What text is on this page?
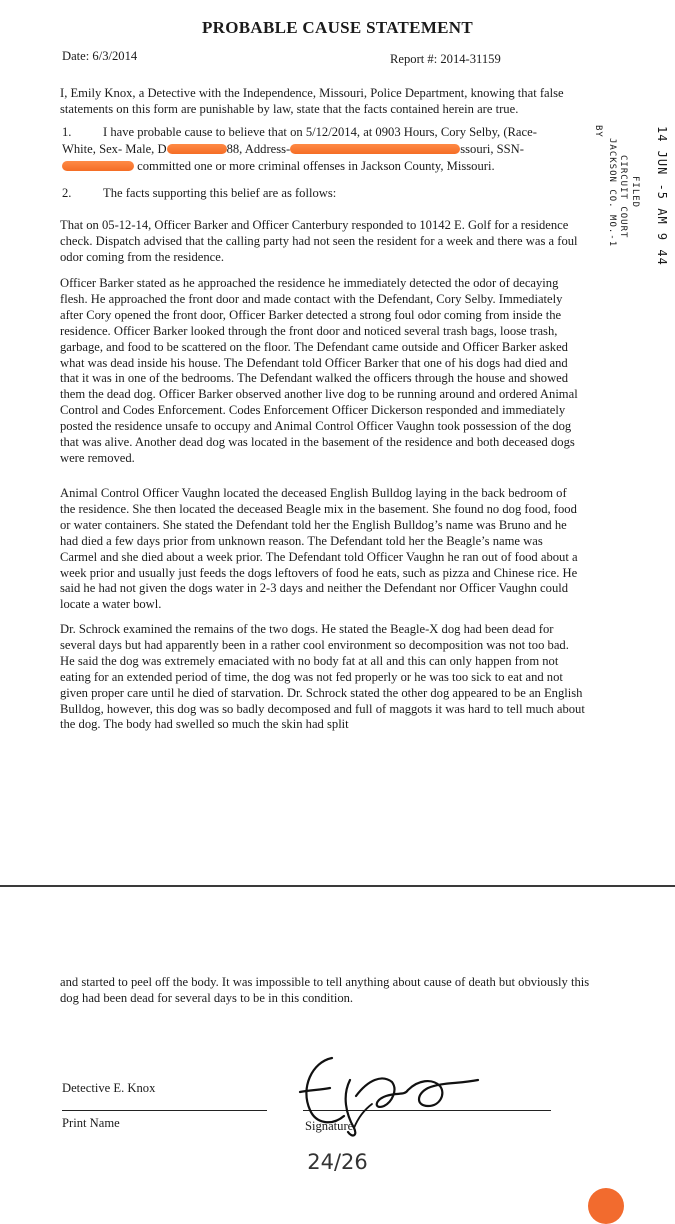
PROBABLE CAUSE STATEMENT
Date: 6/3/2014	Report #: 2014-31159
I, Emily Knox, a Detective with the Independence, Missouri, Police Department, knowing that false statements on this form are punishable by law, state that the facts contained herein are true.
1.	I have probable cause to believe that on 5/12/2014, at 0903 Hours, Cory Selby, (Race-
White, Sex- Male, D	88, Address-	ssouri, SSN-
committed one or more criminal offenses in Jackson County, Missouri.
2.	The facts supporting this belief are as follows:
That on 05-12-14, Officer Barker and Officer Canterbury responded to 10142 E. Golf for a residence check. Dispatch advised that the calling party had not seen the resident for a week and there was a foul odor coming from the residence.
Officer Barker stated as he approached the residence he immediately detected the odor of decaying flesh. He approached the front door and made contact with the Defendant, Cory Selby. Immediately after Cory opened the front door, Officer Barker detected a strong foul odor coming from inside the residence. Officer Barker looked through the front door and noticed several trash bags, loose trash, garbage, and food to be scattered on the floor. The Defendant came outside and Officer Barker asked what was dead inside his house. The Defendant told Officer Barker that one of his dogs had died and that it was in one of the bedrooms. The Defendant walked the officers through the house and showed them the dead dog. Officer Barker observed another live dog to be running around and ordered Animal Control and Codes Enforcement. Codes Enforcement Officer Dickerson responded and immediately posted the residence unsafe to occupy and Animal Control Officer Vaughn took possession of the dog that was alive. Another dead dog was located in the basement of the residence and both deceased dogs were removed.
Animal Control Officer Vaughn located the deceased English Bulldog laying in the back bedroom of the residence. She then located the deceased Beagle mix in the basement. She found no dog food, food or water containers. She stated the Defendant told her the English Bulldog’s name was Bruno and he had died a few days prior from unknown reason. The Defendant told her the Beagle’s name was Carmel and she died about a week prior. The Defendant told Officer Vaughn he ran out of food about a week prior and usually just feeds the dogs leftovers of food he eats, such as pizza and Chinese rice. He said he had not given the dogs water in 2-3 days and neither the Defendant nor Officer Vaughn could locate a water bowl.
Dr. Schrock examined the remains of the two dogs. He stated the Beagle-X dog had been dead for several days but had apparently been in a rather cool environment so decomposition was not too bad. He said the dog was extremely emaciated with no body fat at all and this can only happen from not eating for an extended period of time, the dog was not fed properly or he was too sick to eat and not given proper care until he died of starvation. Dr. Schrock stated the other dog appeared to be an English Bulldog, however, this dog was so badly decomposed and full of maggots it was hard to tell much about the dog. The body had swelled so much the skin had split
14 JUN -5 AM 9 44
FILED
CIRCUIT COURT
JACKSON CO. MO.-1
BY
and started to peel off the body. It was impossible to tell anything about cause of death but obviously this dog had been dead for several days to be in this condition.
Detective E. Knox
Print Name	Signature
24/26
